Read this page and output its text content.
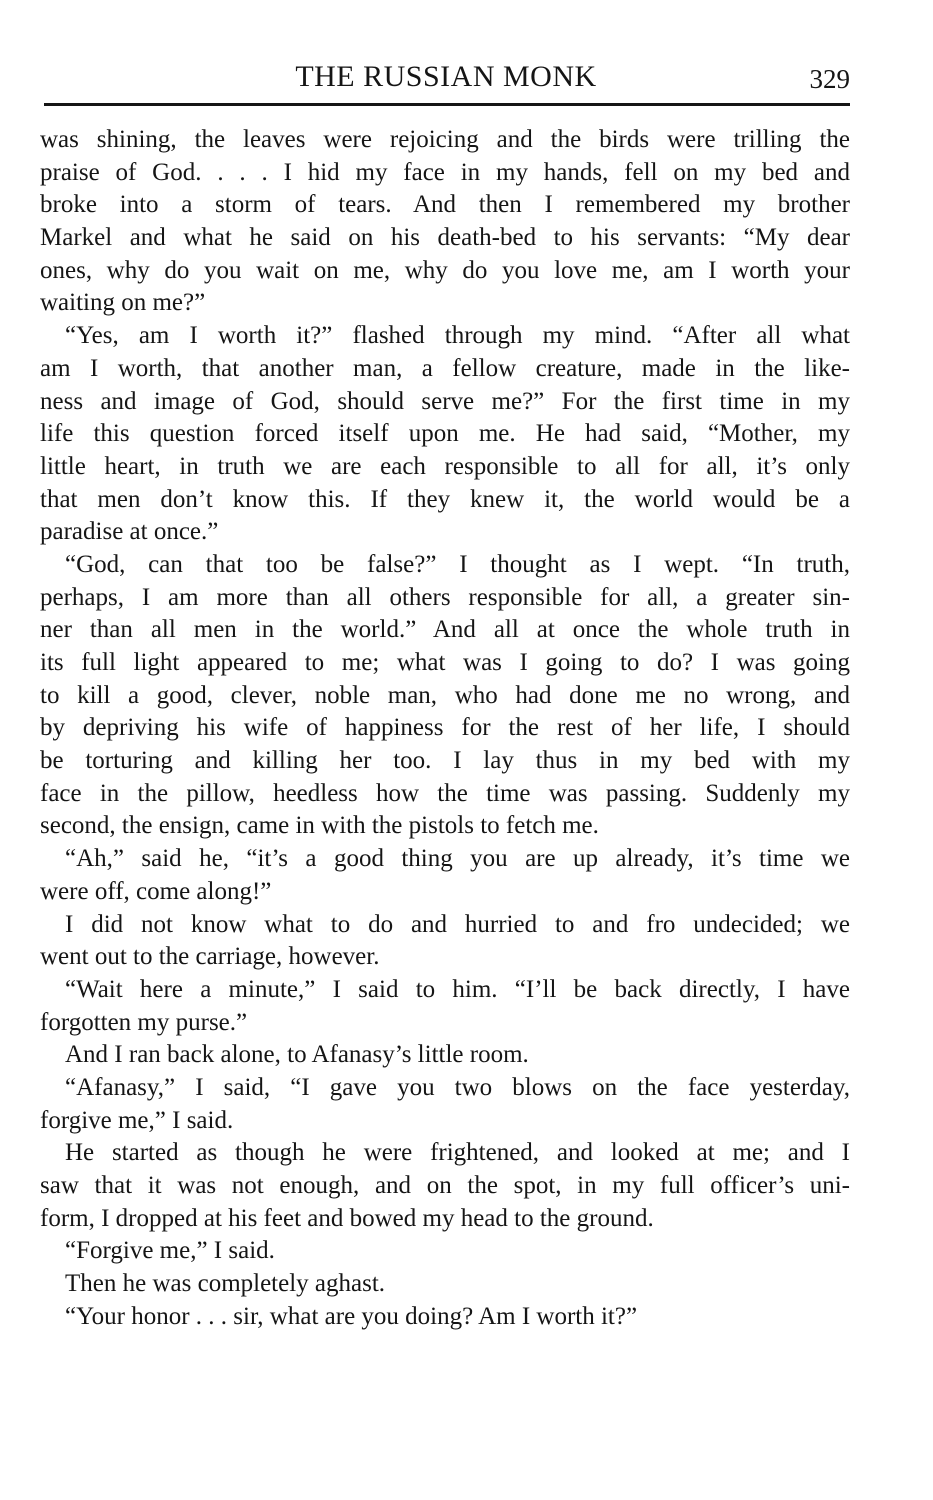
THE RUSSIAN MONK	329
was shining, the leaves were rejoicing and the birds were trilling the
praise of God. . . . I hid my face in my hands, fell on my bed and
broke into a storm of tears. And then I remembered my brother
Markel and what he said on his death-bed to his servants: “My dear
ones, why do you wait on me, why do you love me, am I worth your
waiting on me?”
“Yes, am I worth it?” flashed through my mind. “After all what
am I worth, that another man, a fellow creature, made in the like-
ness and image of God, should serve me?” For the first time in my
life this question forced itself upon me. He had said, “Mother, my
little heart, in truth we are each responsible to all for all, it’s only
that men don’t know this. If they knew it, the world would be a
paradise at once.”
“God, can that too be false?” I thought as I wept. “In truth,
perhaps, I am more than all others responsible for all, a greater sin-
ner than all men in the world.” And all at once the whole truth in
its full light appeared to me; what was I going to do? I was going
to kill a good, clever, noble man, who had done me no wrong, and
by depriving his wife of happiness for the rest of her life, I should
be torturing and killing her too. I lay thus in my bed with my
face in the pillow, heedless how the time was passing. Suddenly my
second, the ensign, came in with the pistols to fetch me.
“Ah,” said he, “it’s a good thing you are up already, it’s time we
were off, come along!”
I did not know what to do and hurried to and fro undecided; we
went out to the carriage, however.
“Wait here a minute,” I said to him. “I’ll be back directly, I have
forgotten my purse.”
And I ran back alone, to Afanasy’s little room.
“Afanasy,” I said, “I gave you two blows on the face yesterday,
forgive me,” I said.
He started as though he were frightened, and looked at me; and I
saw that it was not enough, and on the spot, in my full officer’s uni-
form, I dropped at his feet and bowed my head to the ground.
“Forgive me,” I said.
Then he was completely aghast.
“Your honor . . . sir, what are you doing? Am I worth it?”
